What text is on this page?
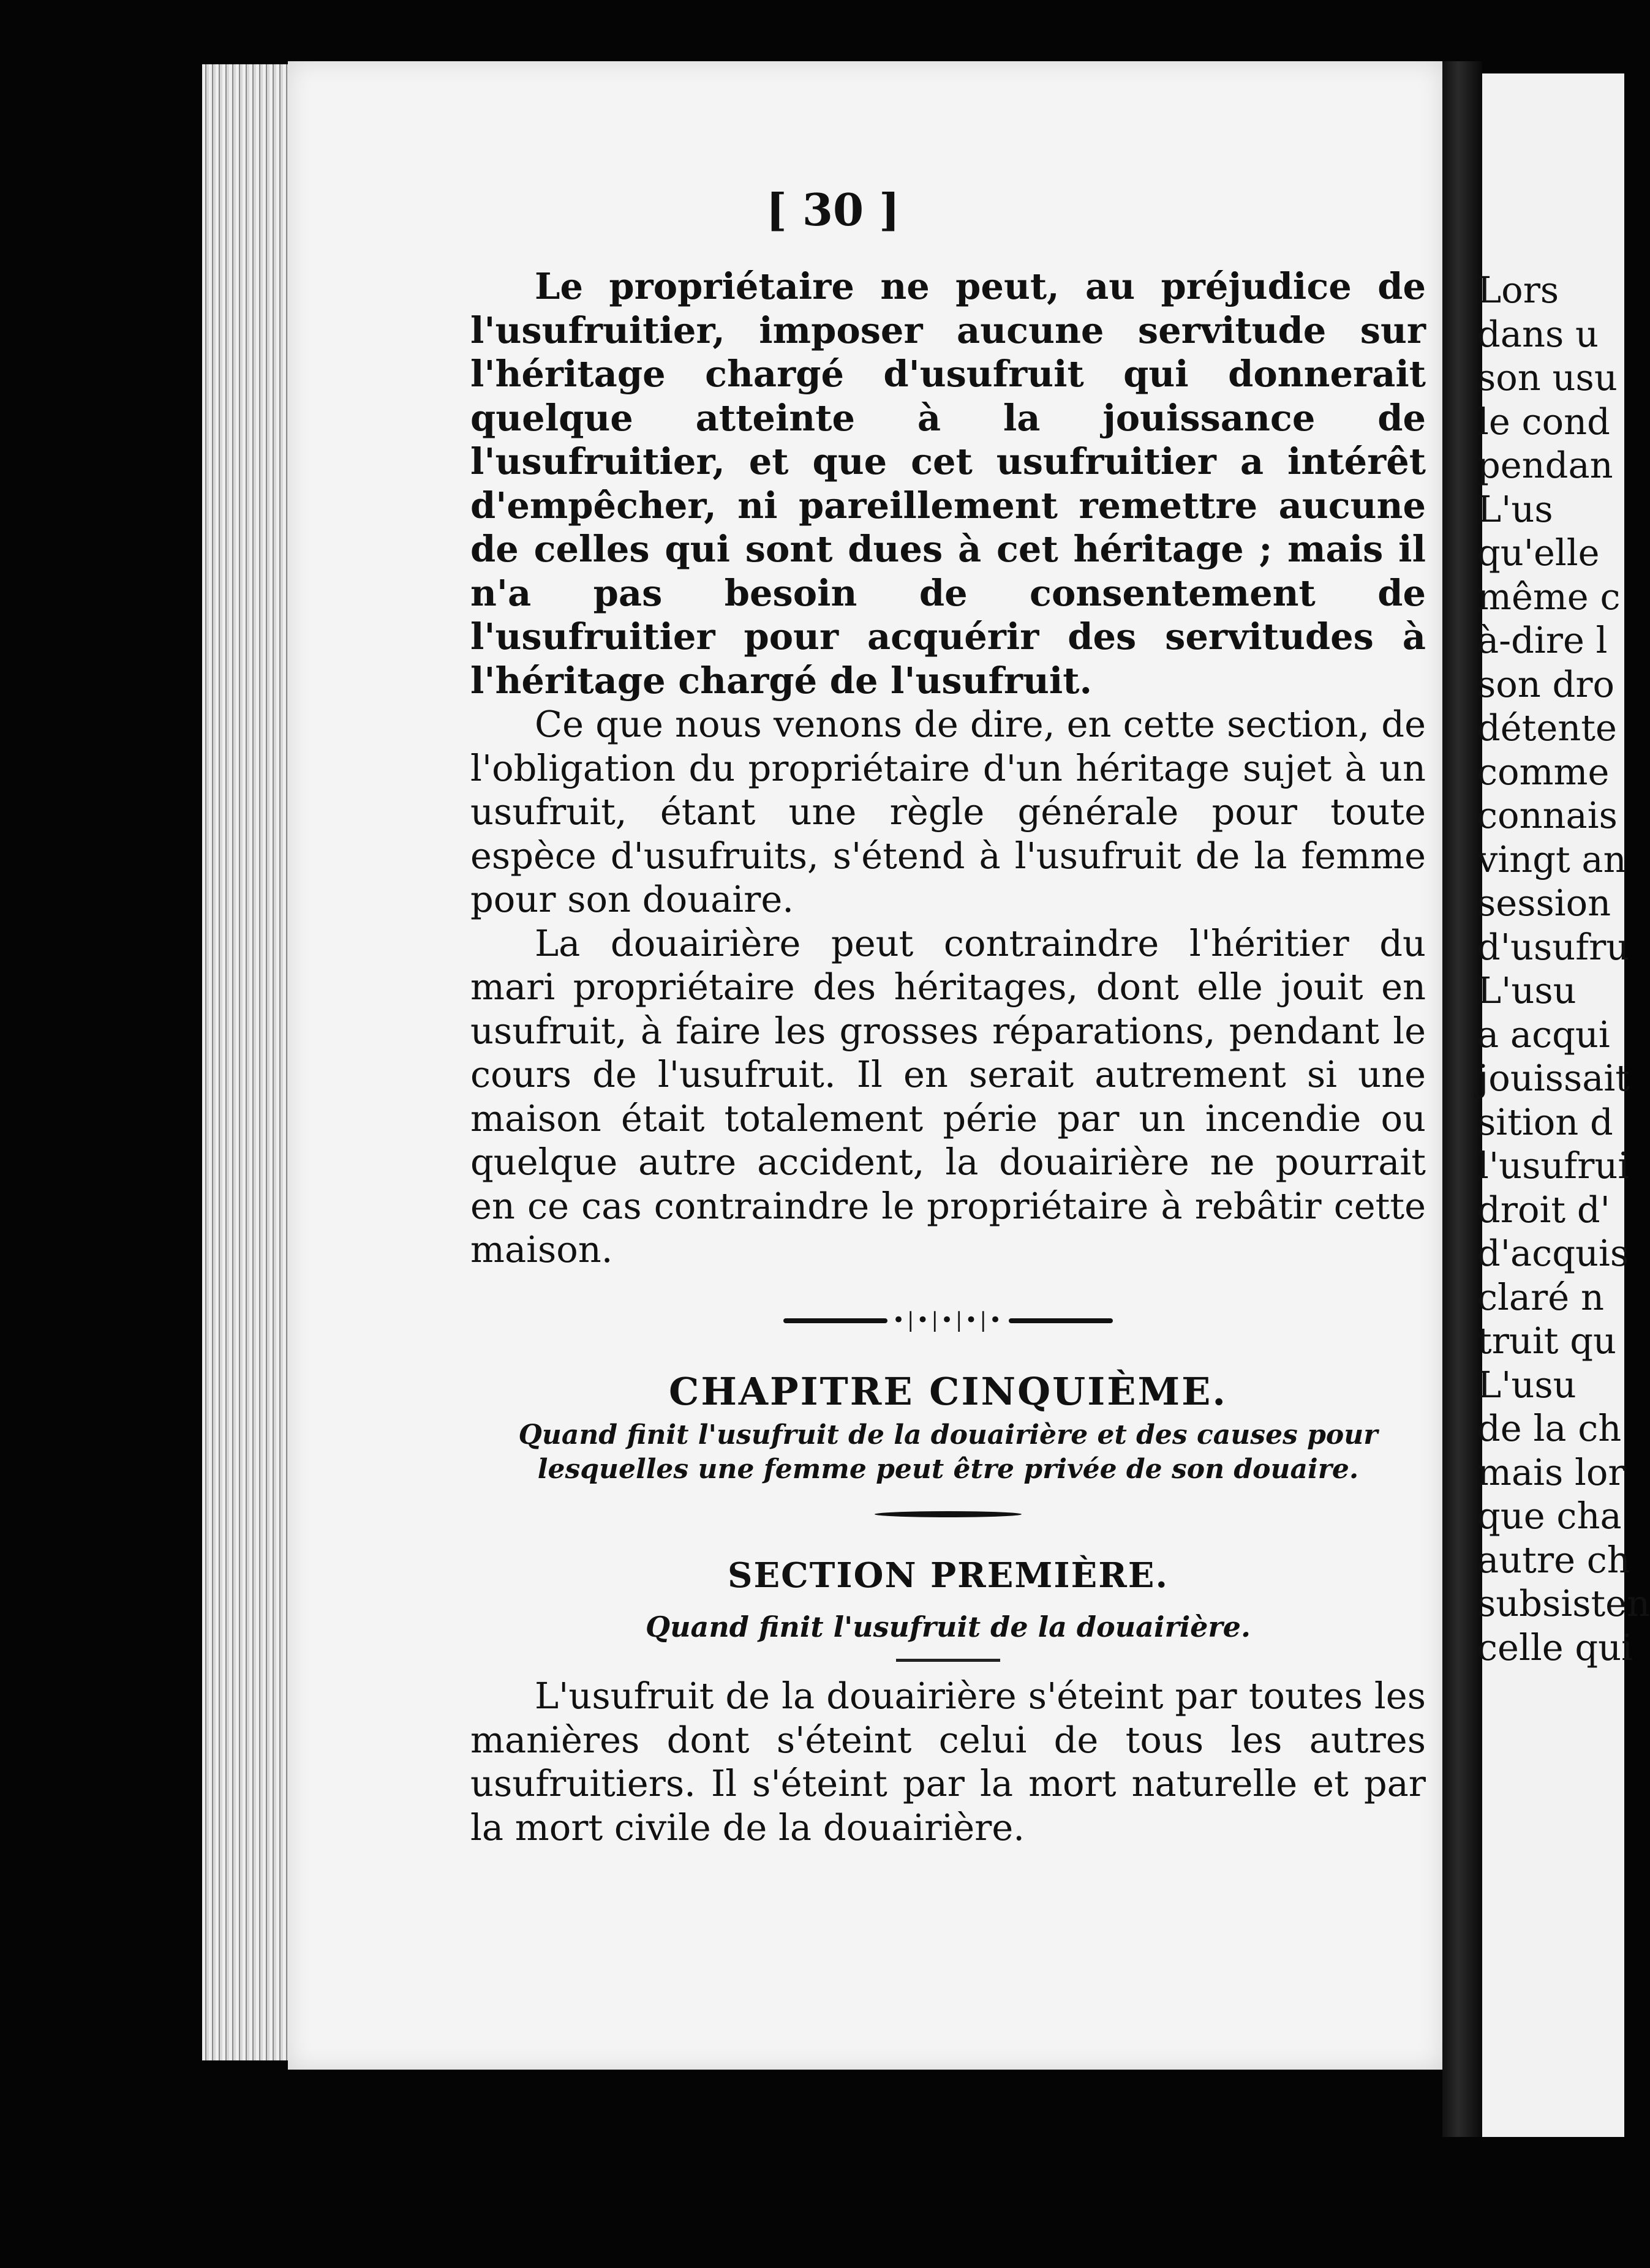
[ 30 ]

Le propriétaire ne peut, au préjudice de l'usufruitier, imposer aucune servitude sur l'héritage chargé d'usufruit qui donnerait quelque atteinte à la jouissance de l'usufruitier, et que cet usufruitier a intérêt d'empêcher, ni pareillement remettre aucune de celles qui sont dues à cet héritage ; mais il n'a pas besoin de consentement de l'usufruitier pour acquérir des servitudes à l'héritage chargé de l'usufruit.

Ce que nous venons de dire, en cette section, de l'obligation du propriétaire d'un héritage sujet à un usufruit, étant une règle générale pour toute espèce d'usufruits, s'étend à l'usufruit de la femme pour son douaire.

La douairière peut contraindre l'héritier du mari propriétaire des héritages, dont elle jouit en usufruit, à faire les grosses réparations, pendant le cours de l'usufruit. Il en serait autrement si une maison était totalement périe par un incendie ou quelque autre accident, la douairière ne pourrait en ce cas contraindre le propriétaire à rebâtir cette maison.

•|•|•|•|•
CHAPITRE CINQUIÈME.
Quand finit l'usufruit de la douairière et des causes pour lesquelles une femme peut être privée de son douaire.
SECTION PREMIÈRE.
Quand finit l'usufruit de la douairière.

L'usufruit de la douairière s'éteint par toutes les manières dont s'éteint celui de tous les autres usufruitiers. Il s'éteint par la mort naturelle et par la mort civile de la douairière.

Lors
dans u
son usu
le cond
pendan
L'us
qu'elle
même c
à-dire l
son dro
détente
comme
connais
vingt an
session
d'usufru
L'usu
a acqui
jouissait
sition d
l'usufrui
droit d'
d'acquis
claré n
truit qu
L'usu
de la ch
mais lor
que cha
autre ch
subsisten
celle qui
